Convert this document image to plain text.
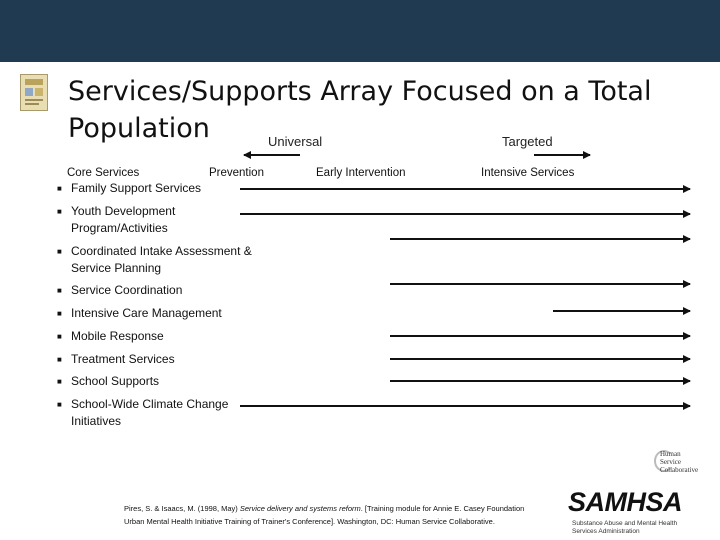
Services/Supports Array Focused on a Total
Population	Universal	Targeted
Core Services	Prevention	Early Intervention	Intensive Services
■ Family Support Services
■ Youth Development
Program/Activities
■ Coordinated Intake Assessment &
Service Planning
■ Service Coordination
■ Intensive Care Management
■ Mobile Response
■ Treatment Services
■ School Supports
■ School-Wide Climate Change
Initiatives
Human
Service
Collaborative
Pires, S. & Isaacs, M. (1998, May) Service delivery and systems reform. [Training module for Annie E. Casey Foundation
Urban Mental Health Initiative Training of Trainer's Conference]. Washington, DC: Human Service Collaborative.
SAMHSA
Substance Abuse and Mental Health
Services Administration
